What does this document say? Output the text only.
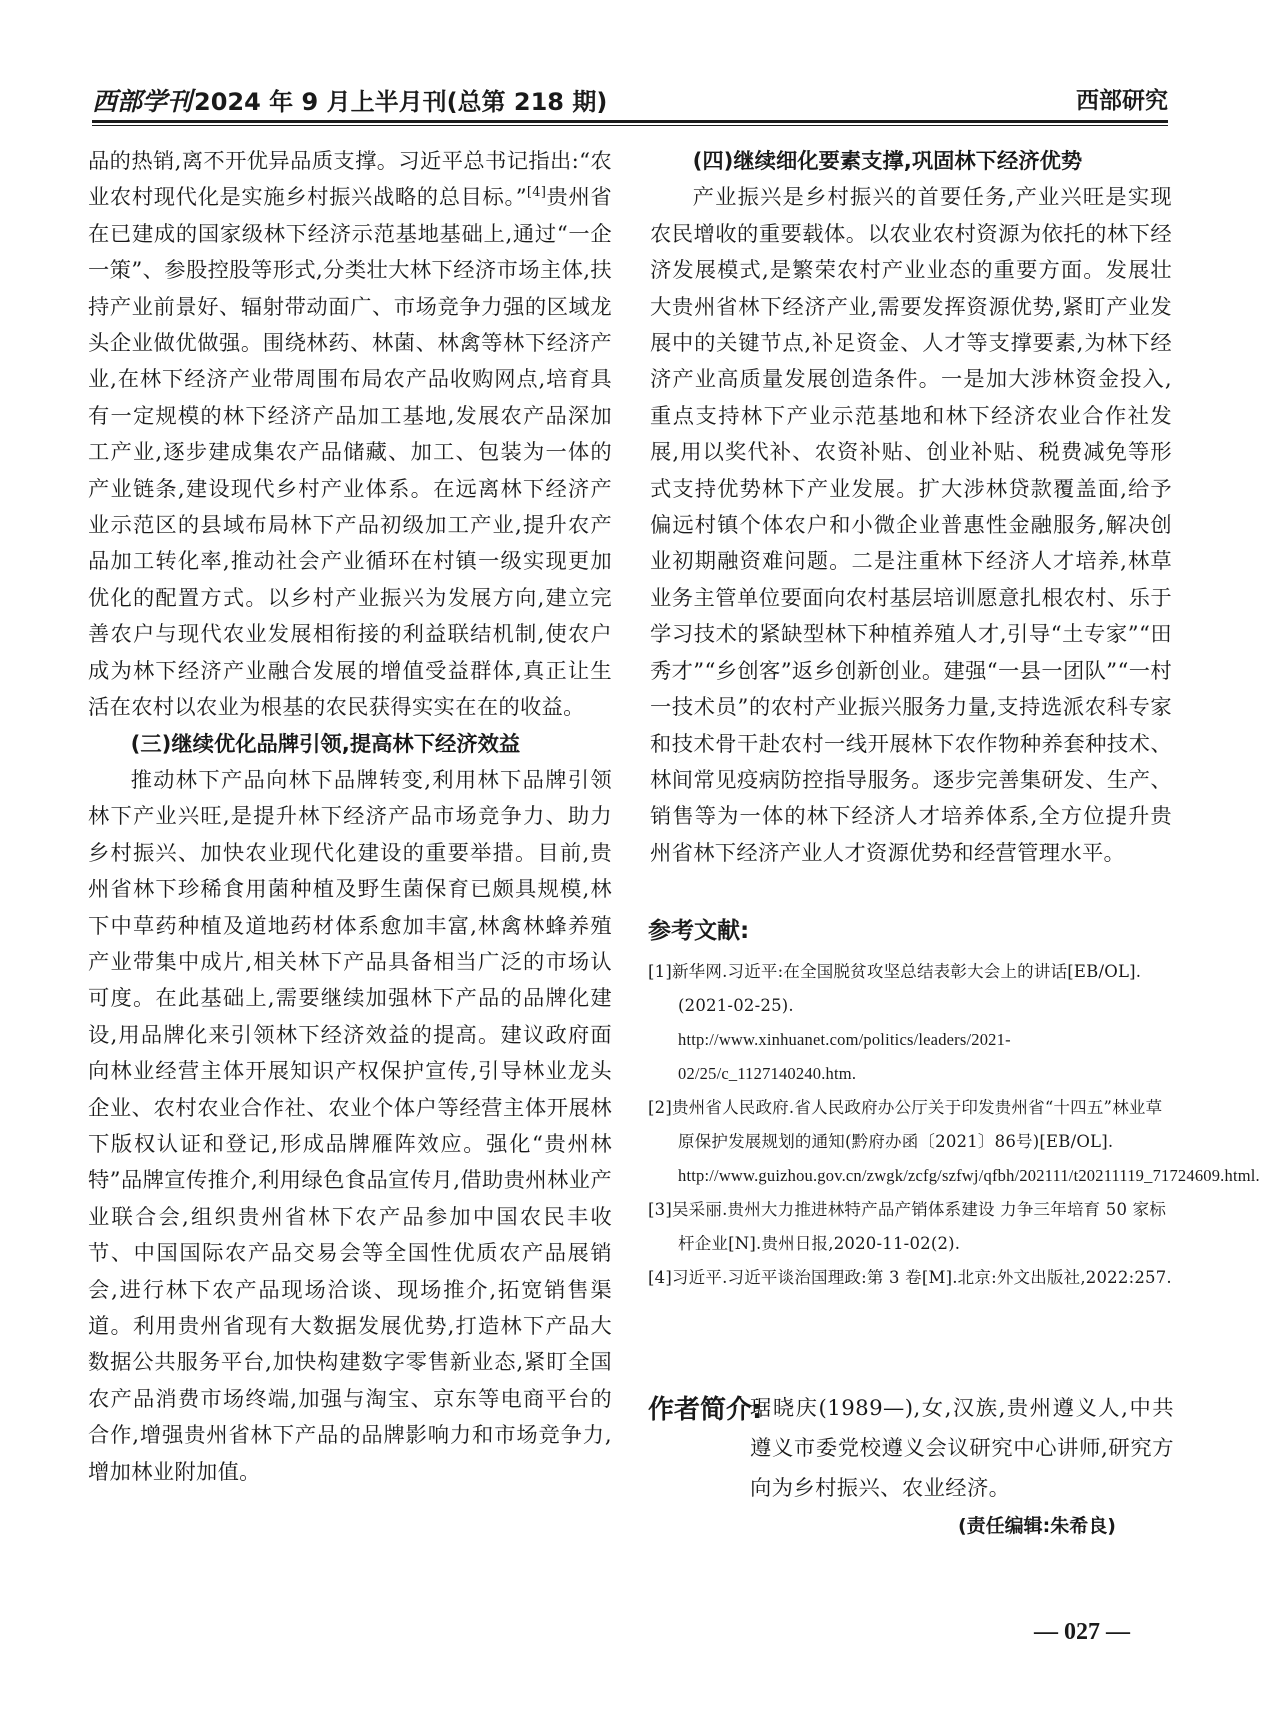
西部学刊2024 年 9 月上半月刊(总第 218 期)	西部研究

品的热销,离不开优异品质支撑。习近平总书记指出:“农业农村现代化是实施乡村振兴战略的总目标。”[4]贵州省在已建成的国家级林下经济示范基地基础上,通过“一企一策”、参股控股等形式,分类壮大林下经济市场主体,扶持产业前景好、辐射带动面广、市场竞争力强的区域龙头企业做优做强。围绕林药、林菌、林禽等林下经济产业,在林下经济产业带周围布局农产品收购网点,培育具有一定规模的林下经济产品加工基地,发展农产品深加工产业,逐步建成集农产品储藏、加工、包装为一体的产业链条,建设现代乡村产业体系。在远离林下经济产业示范区的县域布局林下产品初级加工产业,提升农产品加工转化率,推动社会产业循环在村镇一级实现更加优化的配置方式。以乡村产业振兴为发展方向,建立完善农户与现代农业发展相衔接的利益联结机制,使农户成为林下经济产业融合发展的增值受益群体,真正让生活在农村以农业为根基的农民获得实实在在的收益。

(三)继续优化品牌引领,提高林下经济效益

推动林下产品向林下品牌转变,利用林下品牌引领林下产业兴旺,是提升林下经济产品市场竞争力、助力乡村振兴、加快农业现代化建设的重要举措。目前,贵州省林下珍稀食用菌种植及野生菌保育已颇具规模,林下中草药种植及道地药材体系愈加丰富,林禽林蜂养殖产业带集中成片,相关林下产品具备相当广泛的市场认可度。在此基础上,需要继续加强林下产品的品牌化建设,用品牌化来引领林下经济效益的提高。建议政府面向林业经营主体开展知识产权保护宣传,引导林业龙头企业、农村农业合作社、农业个体户等经营主体开展林下版权认证和登记,形成品牌雁阵效应。强化“贵州林特”品牌宣传推介,利用绿色食品宣传月,借助贵州林业产业联合会,组织贵州省林下农产品参加中国农民丰收节、中国国际农产品交易会等全国性优质农产品展销会,进行林下农产品现场洽谈、现场推介,拓宽销售渠道。利用贵州省现有大数据发展优势,打造林下产品大数据公共服务平台,加快构建数字零售新业态,紧盯全国农产品消费市场终端,加强与淘宝、京东等电商平台的合作,增强贵州省林下产品的品牌影响力和市场竞争力,增加林业附加值。

(四)继续细化要素支撑,巩固林下经济优势

产业振兴是乡村振兴的首要任务,产业兴旺是实现农民增收的重要载体。以农业农村资源为依托的林下经济发展模式,是繁荣农村产业业态的重要方面。发展壮大贵州省林下经济产业,需要发挥资源优势,紧盯产业发展中的关键节点,补足资金、人才等支撑要素,为林下经济产业高质量发展创造条件。一是加大涉林资金投入,重点支持林下产业示范基地和林下经济农业合作社发展,用以奖代补、农资补贴、创业补贴、税费减免等形式支持优势林下产业发展。扩大涉林贷款覆盖面,给予偏远村镇个体农户和小微企业普惠性金融服务,解决创业初期融资难问题。二是注重林下经济人才培养,林草业务主管单位要面向农村基层培训愿意扎根农村、乐于学习技术的紧缺型林下种植养殖人才,引导“土专家”“田秀才”“乡创客”返乡创新创业。建强“一县一团队”“一村一技术员”的农村产业振兴服务力量,支持选派农科专家和技术骨干赴农村一线开展林下农作物种养套种技术、林间常见疫病防控指导服务。逐步完善集研发、生产、销售等为一体的林下经济人才培养体系,全方位提升贵州省林下经济产业人才资源优势和经营管理水平。

参考文献:
[1]新华网.习近平:在全国脱贫攻坚总结表彰大会上的讲话[EB/OL].(2021-02-25).
http://www.xinhuanet.com/politics/leaders/2021-02/25/c_1127140240.htm.
[2]贵州省人民政府.省人民政府办公厅关于印发贵州省“十四五”林业草原保护发展规划的通知(黔府办函〔2021〕86号)[EB/OL].
http://www.guizhou.gov.cn/zwgk/zcfg/szfwj/qfbh/202111/t20211119_71724609.html.
[3]吴采丽.贵州大力推进林特产品产销体系建设 力争三年培育 50 家标杆企业[N].贵州日报,2020-11-02(2).
[4]习近平.习近平谈治国理政:第 3 卷[M].北京:外文出版社,2022:257.
作者简介:
琚晓庆(1989—),女,汉族,贵州遵义人,中共遵义市委党校遵义会议研究中心讲师,研究方向为乡村振兴、农业经济。
(责任编辑:朱希良)
— 027 —
